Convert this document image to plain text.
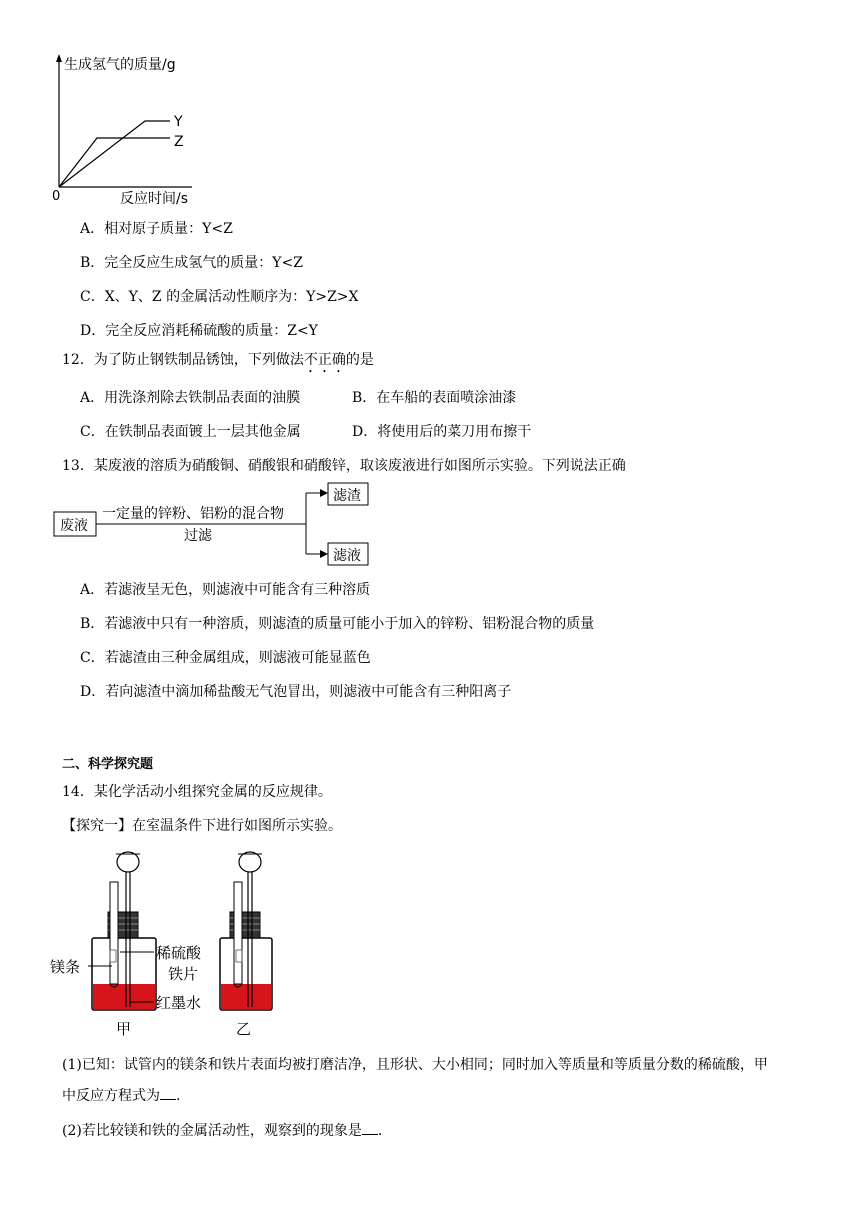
生成氢气的质量/g
Y
Z
0	反应时间/s
A．相对原子质量：Y<Z
B．完全反应生成氢气的质量：Y<Z
C．X、Y、Z 的金属活动性顺序为：Y>Z>X
D．完全反应消耗稀硫酸的质量：Z<Y
12．为了防止钢铁制品锈蚀，下列做法不正确的是
A．用洗涤剂除去铁制品表面的油膜	B．在车船的表面喷涂油漆
C．在铁制品表面镀上一层其他金属	D．将使用后的菜刀用布擦干
13．某废液的溶质为硝酸铜、硝酸银和硝酸锌，取该废液进行如图所示实验。下列说法正确
废液
一定量的锌粉、铝粉的混合物
过滤
滤渣
滤液
A．若滤液呈无色，则滤液中可能含有三种溶质
B．若滤液中只有一种溶质，则滤渣的质量可能小于加入的锌粉、铝粉混合物的质量
C．若滤渣由三种金属组成，则滤液可能显蓝色
D．若向滤渣中滴加稀盐酸无气泡冒出，则滤液中可能含有三种阳离子
二、科学探究题
14．某化学活动小组探究金属的反应规律。
【探究一】在室温条件下进行如图所示实验。
镁条
稀硫酸
铁片
红墨水
甲	乙
(1)已知：试管内的镁条和铁片表面均被打磨洁净，且形状、大小相同；同时加入等质量和等质量分数的稀硫酸，甲
中反应方程式为 .
(2)若比较镁和铁的金属活动性，观察到的现象是 .
